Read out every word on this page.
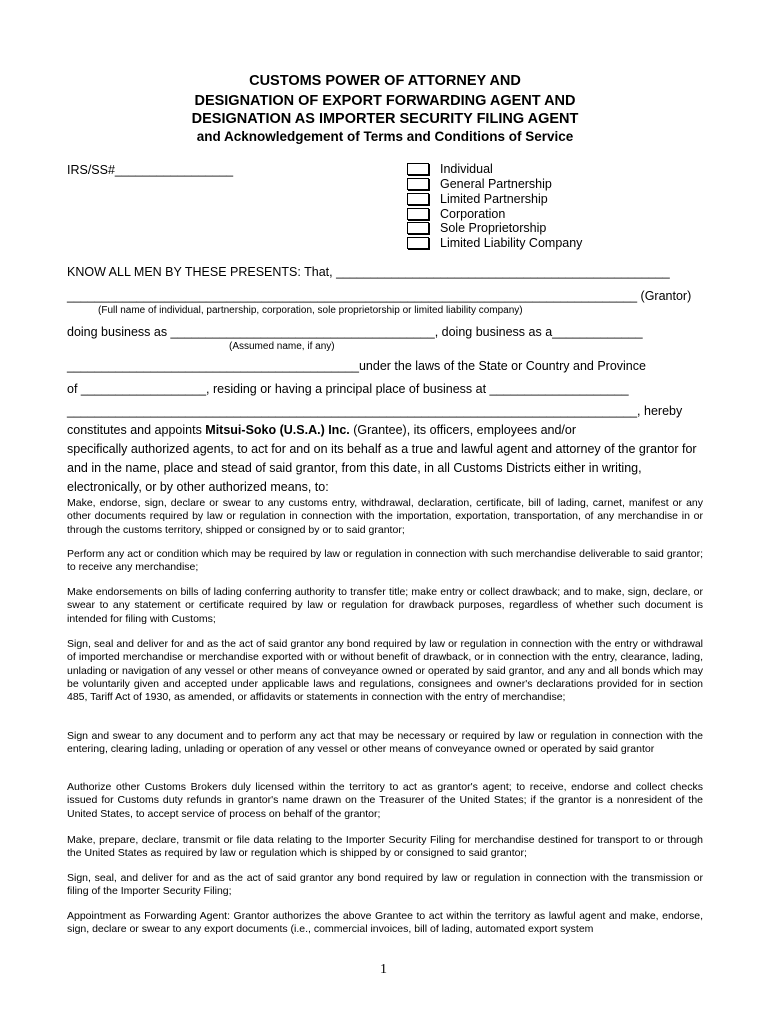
CUSTOMS POWER OF ATTORNEY AND
DESIGNATION OF EXPORT FORWARDING AGENT AND
DESIGNATION AS IMPORTER SECURITY FILING AGENT
and Acknowledgement of Terms and Conditions of Service
IRS/SS#_________________	Individual
General Partnership
Limited Partnership
Corporation
Sole Proprietorship
Limited Liability Company
KNOW ALL MEN BY THESE PRESENTS: That, ________________________________________________
__________________________________________________________________________________ (Grantor)
(Full name of individual, partnership, corporation, sole proprietorship or limited liability company)
doing business as ______________________________________, doing business as a_____________
(Assumed name, if any)
__________________________________________under the laws of the State or Country and Province
of __________________, residing or having a principal place of business at ____________________
__________________________________________________________________________________, hereby
constitutes and appoints Mitsui-Soko (U.S.A.) Inc. (Grantee), its officers, employees and/or
specifically authorized agents, to act for and on its behalf as a true and lawful agent and attorney of the grantor for
and in the name, place and stead of said grantor, from this date, in all Customs Districts either in writing,
electronically, or by other authorized means, to:
Make, endorse, sign, declare or swear to any customs entry, withdrawal, declaration, certificate, bill of lading, carnet, manifest or any other documents required by law or regulation in connection with the importation, exportation, transportation, of any merchandise in or through the customs territory, shipped or consigned by or to said grantor;
Perform any act or condition which may be required by law or regulation in connection with such merchandise deliverable to said grantor; to receive any merchandise;
Make endorsements on bills of lading conferring authority to transfer title; make entry or collect drawback; and to make, sign, declare, or swear to any statement or certificate required by law or regulation for drawback purposes, regardless of whether such document is intended for filing with Customs;
Sign, seal and deliver for and as the act of said grantor any bond required by law or regulation in connection with the entry or withdrawal of imported merchandise or merchandise exported with or without benefit of drawback, or in connection with the entry, clearance, lading, unlading or navigation of any vessel or other means of conveyance owned or operated by said grantor, and any and all bonds which may be voluntarily given and accepted under applicable laws and regulations, consignees and owner's declarations provided for in section 485, Tariff Act of 1930, as amended, or affidavits or statements in connection with the entry of merchandise;
Sign and swear to any document and to perform any act that may be necessary or required by law or regulation in connection with the entering, clearing lading, unlading or operation of any vessel or other means of conveyance owned or operated by said grantor
Authorize other Customs Brokers duly licensed within the territory to act as grantor's agent; to receive, endorse and collect checks issued for Customs duty refunds in grantor's name drawn on the Treasurer of the United States; if the grantor is a nonresident of the United States, to accept service of process on behalf of the grantor;
Make, prepare, declare, transmit or file data relating to the Importer Security Filing for merchandise destined for transport to or through the United States as required by law or regulation which is shipped by or consigned to said grantor;
Sign, seal, and deliver for and as the act of said grantor any bond required by law or regulation in connection with the transmission or filing of the Importer Security Filing;
Appointment as Forwarding Agent: Grantor authorizes the above Grantee to act within the territory as lawful agent and make, endorse, sign, declare or swear to any export documents (i.e., commercial invoices, bill of lading, automated export system
1
